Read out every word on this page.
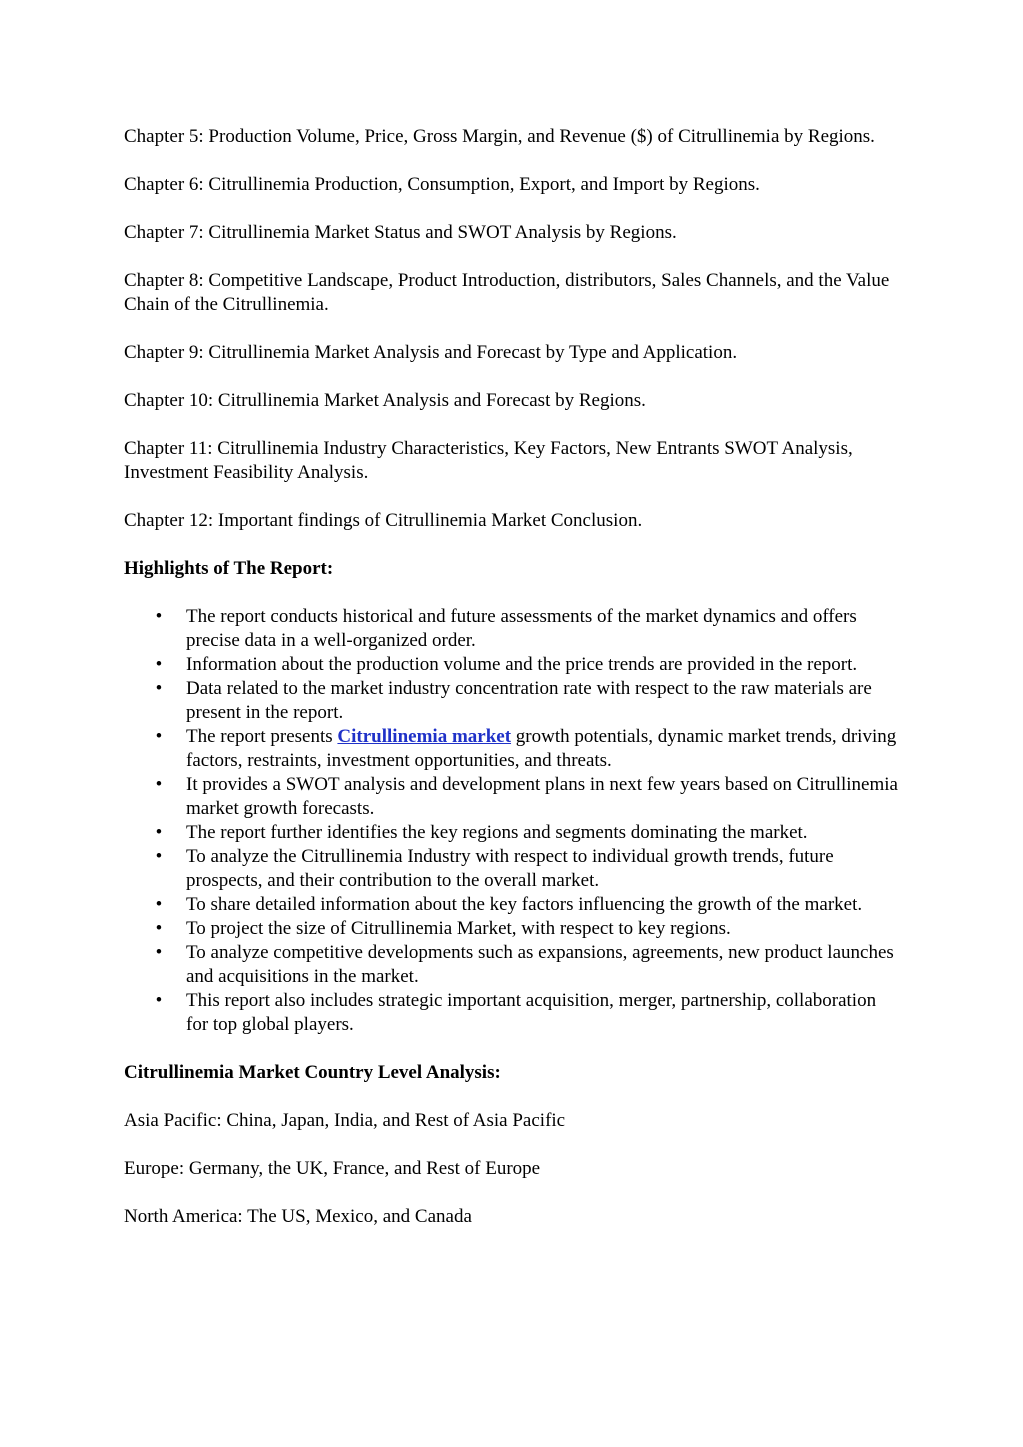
Chapter 5: Production Volume, Price, Gross Margin, and Revenue ($) of Citrullinemia by Regions.

Chapter 6: Citrullinemia Production, Consumption, Export, and Import by Regions.

Chapter 7: Citrullinemia Market Status and SWOT Analysis by Regions.

Chapter 8: Competitive Landscape, Product Introduction, distributors, Sales Channels, and the Value Chain of the Citrullinemia.

Chapter 9: Citrullinemia Market Analysis and Forecast by Type and Application.

Chapter 10: Citrullinemia Market Analysis and Forecast by Regions.

Chapter 11: Citrullinemia Industry Characteristics, Key Factors, New Entrants SWOT Analysis, Investment Feasibility Analysis.

Chapter 12: Important findings of Citrullinemia Market Conclusion.

Highlights of The Report:

• The report conducts historical and future assessments of the market dynamics and offers precise data in a well-organized order.
• Information about the production volume and the price trends are provided in the report.
• Data related to the market industry concentration rate with respect to the raw materials are present in the report.
• The report presents Citrullinemia market growth potentials, dynamic market trends, driving factors, restraints, investment opportunities, and threats.
• It provides a SWOT analysis and development plans in next few years based on Citrullinemia market growth forecasts.
• The report further identifies the key regions and segments dominating the market.
• To analyze the Citrullinemia Industry with respect to individual growth trends, future prospects, and their contribution to the overall market.
• To share detailed information about the key factors influencing the growth of the market.
• To project the size of Citrullinemia Market, with respect to key regions.
• To analyze competitive developments such as expansions, agreements, new product launches and acquisitions in the market.
• This report also includes strategic important acquisition, merger, partnership, collaboration for top global players.

Citrullinemia Market Country Level Analysis:

Asia Pacific: China, Japan, India, and Rest of Asia Pacific

Europe: Germany, the UK, France, and Rest of Europe

North America: The US, Mexico, and Canada
